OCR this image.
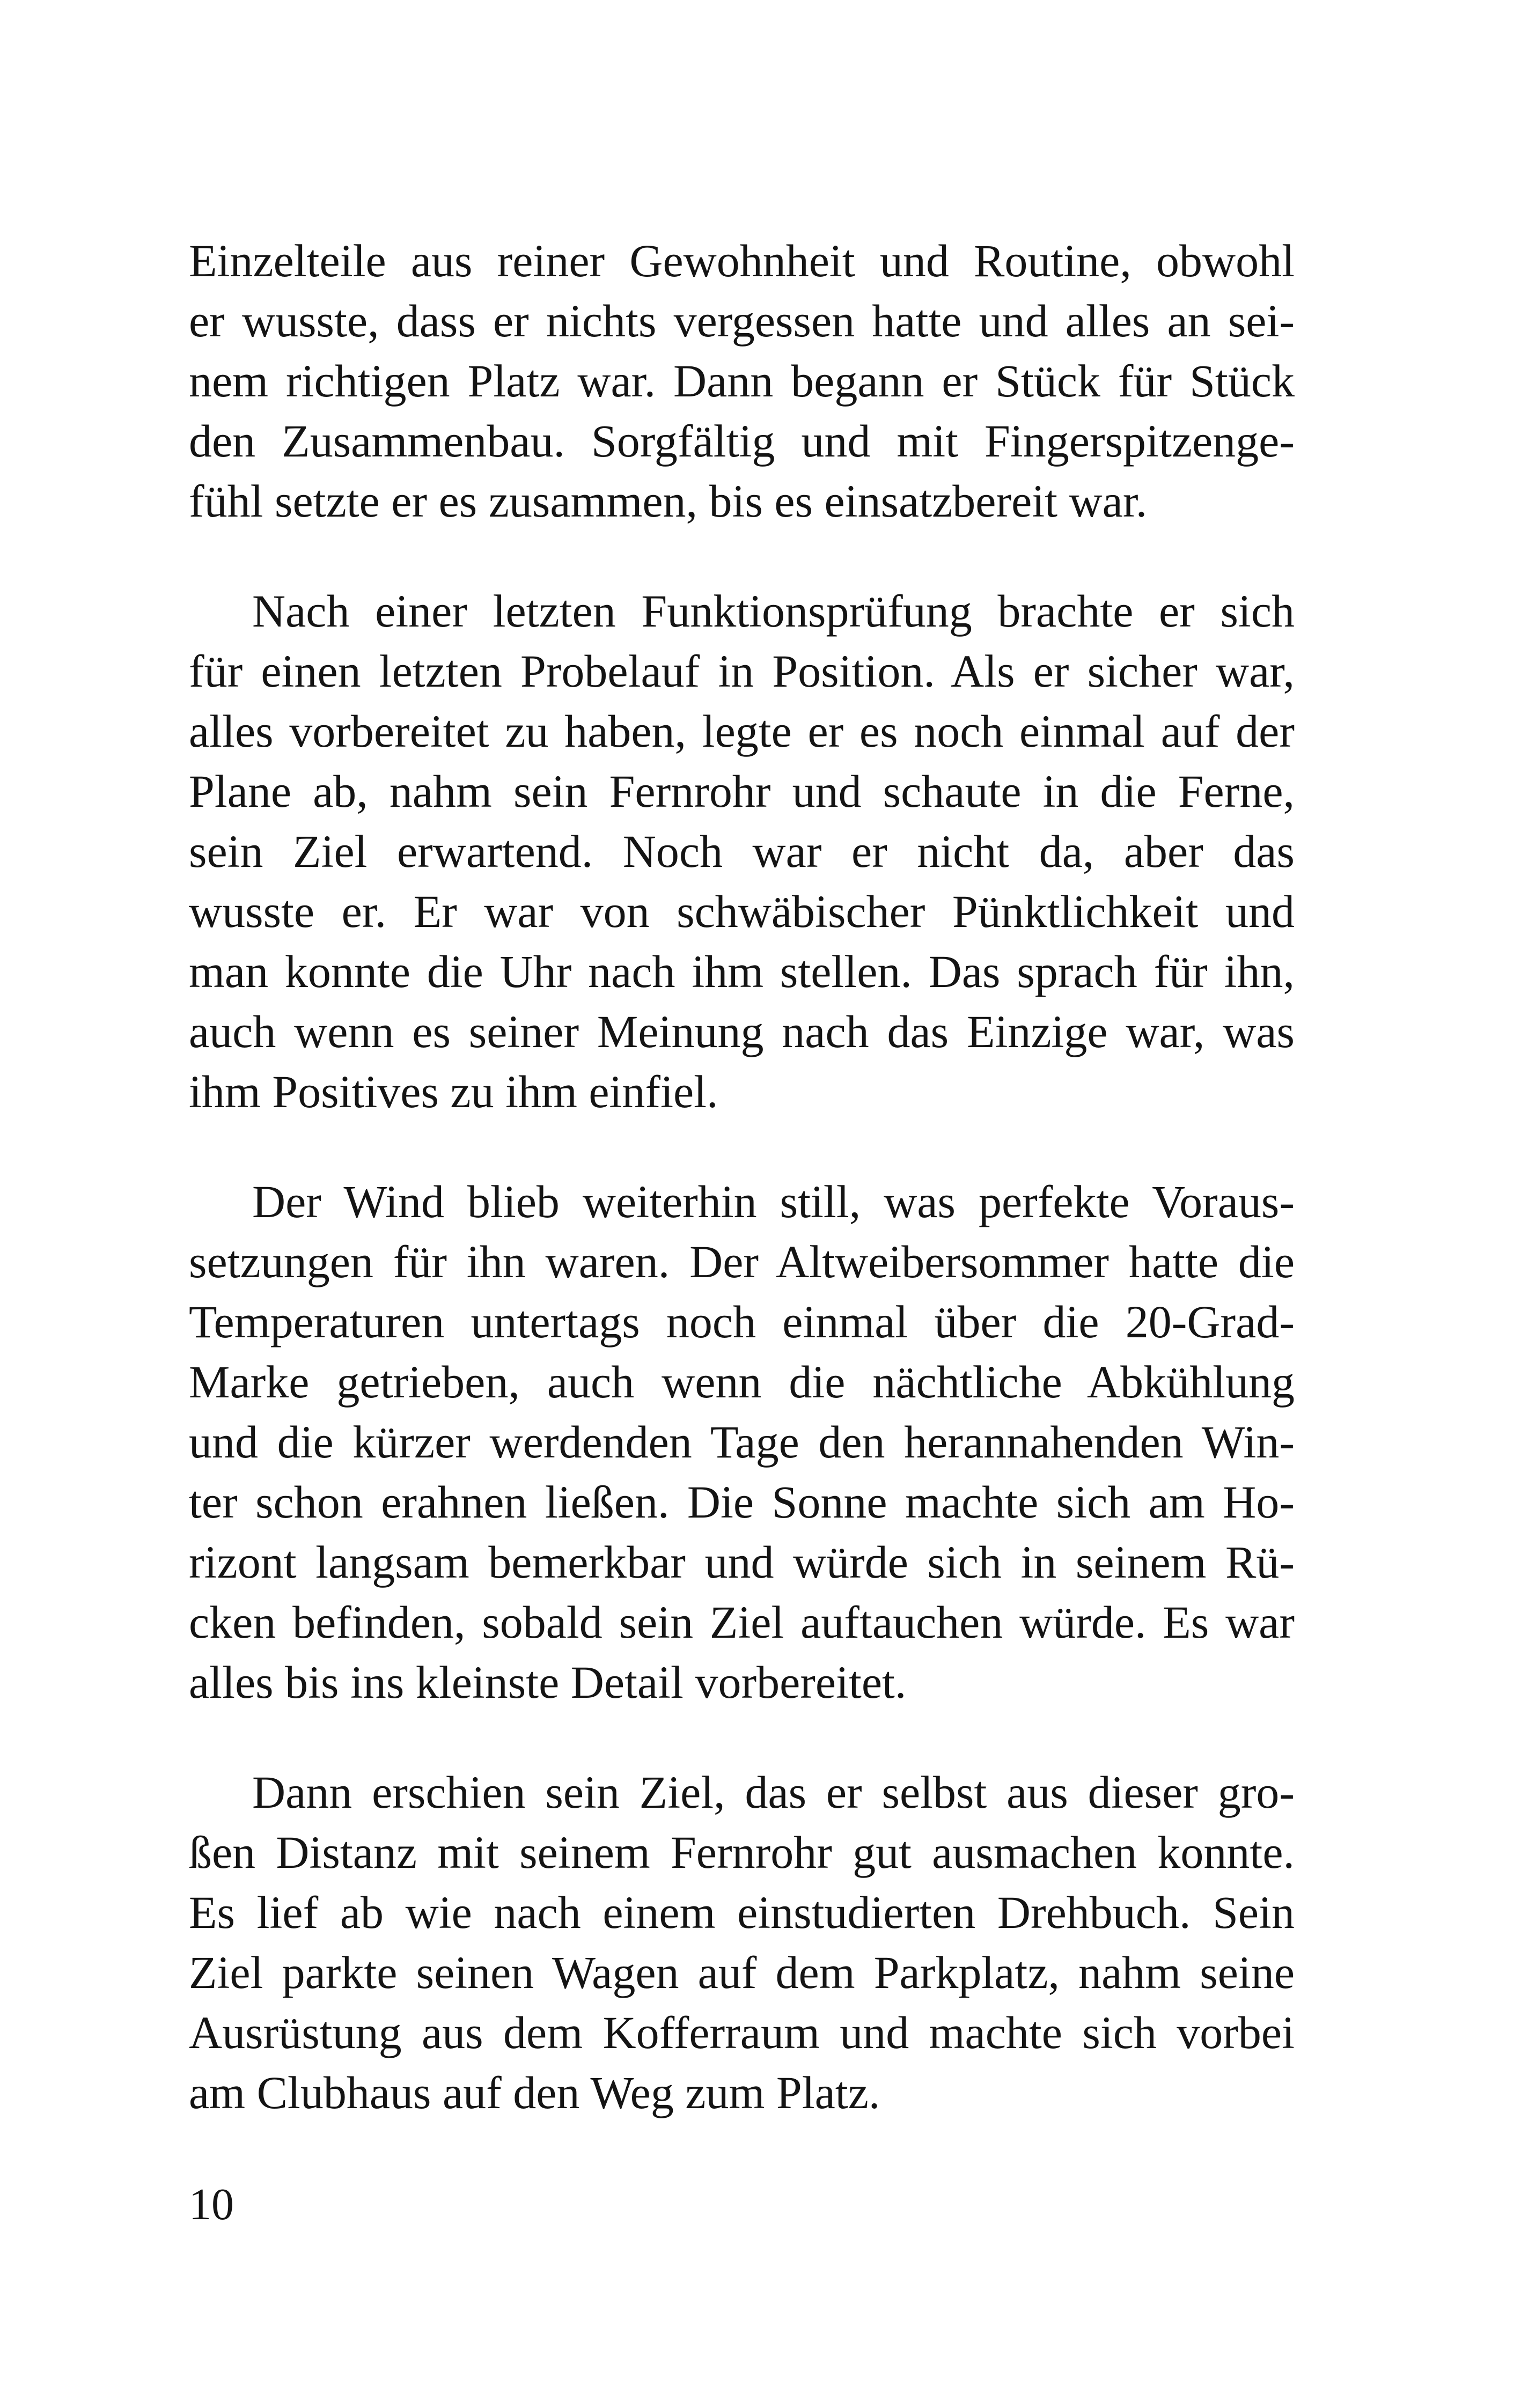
Einzelteile aus reiner Gewohnheit und Routine, obwohl
er wusste, dass er nichts vergessen hatte und alles an sei-
nem richtigen Platz war. Dann begann er Stück für Stück
den Zusammenbau. Sorgfältig und mit Fingerspitzenge-
fühl setzte er es zusammen, bis es einsatzbereit war.

Nach einer letzten Funktionsprüfung brachte er sich
für einen letzten Probelauf in Position. Als er sicher war,
alles vorbereitet zu haben, legte er es noch einmal auf der
Plane ab, nahm sein Fernrohr und schaute in die Ferne,
sein Ziel erwartend. Noch war er nicht da, aber das
wusste er. Er war von schwäbischer Pünktlichkeit und
man konnte die Uhr nach ihm stellen. Das sprach für ihn,
auch wenn es seiner Meinung nach das Einzige war, was
ihm Positives zu ihm einfiel.

Der Wind blieb weiterhin still, was perfekte Voraus-
setzungen für ihn waren. Der Altweibersommer hatte die
Temperaturen untertags noch einmal über die 20-Grad-
Marke getrieben, auch wenn die nächtliche Abkühlung
und die kürzer werdenden Tage den herannahenden Win-
ter schon erahnen ließen. Die Sonne machte sich am Ho-
rizont langsam bemerkbar und würde sich in seinem Rü-
cken befinden, sobald sein Ziel auftauchen würde. Es war
alles bis ins kleinste Detail vorbereitet.

Dann erschien sein Ziel, das er selbst aus dieser gro-
ßen Distanz mit seinem Fernrohr gut ausmachen konnte.
Es lief ab wie nach einem einstudierten Drehbuch. Sein
Ziel parkte seinen Wagen auf dem Parkplatz, nahm seine
Ausrüstung aus dem Kofferraum und machte sich vorbei
am Clubhaus auf den Weg zum Platz.

10
